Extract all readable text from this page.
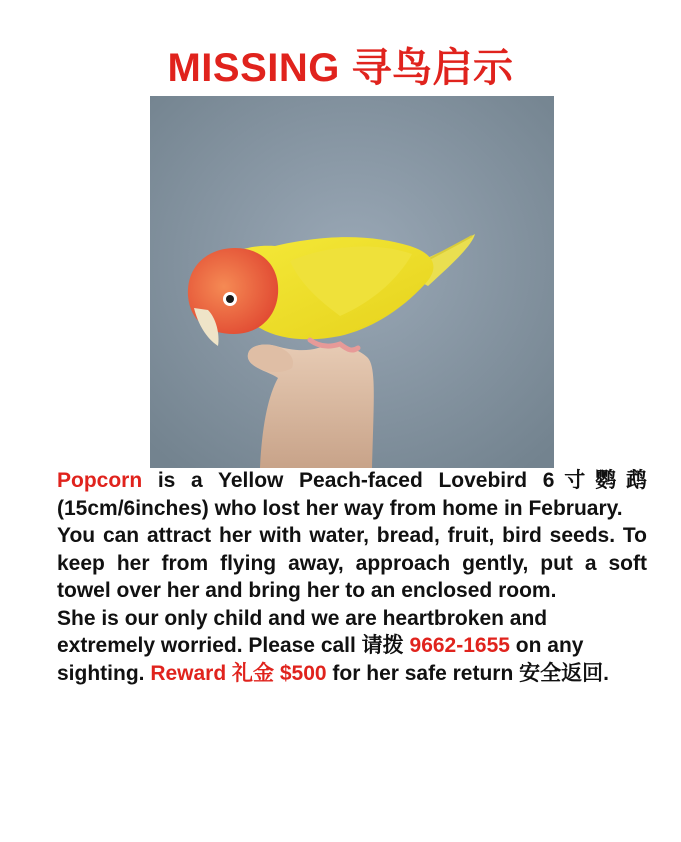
MISSING 寻鸟启示

Popcorn is a Yellow Peach-faced Lovebird 6寸鹦鹉 (15cm/6inches) who lost her way from home in February.

You can attract her with water, bread, fruit, bird seeds. To keep her from flying away, approach gently, put a soft towel over her and bring her to an enclosed room.

She is our only child and we are heartbroken and extremely worried. Please call 请拨 9662-1655 on any sighting. Reward 礼金 $500 for her safe return 安全返回.
